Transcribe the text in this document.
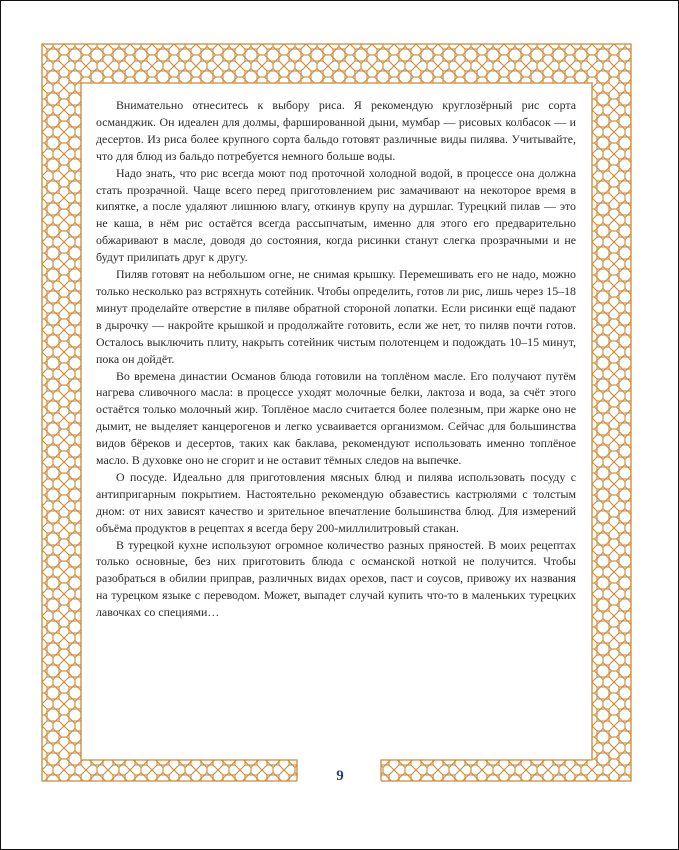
Внимательно отнеситесь к выбору риса. Я рекомендую круглозёрный рис сорта османджик. Он идеален для долмы, фаршированной дыни, мумбар — рисовых колбасок — и десертов. Из риса более крупного сорта бальдо готовят различные виды пилява. Учитывайте, что для блюд из бальдо потребуется немного больше воды.

Надо знать, что рис всегда моют под проточной холодной водой, в процессе она должна стать прозрачной. Чаще всего перед приготовлением рис замачивают на некоторое время в кипятке, а после удаляют лишнюю влагу, откинув крупу на дуршлаг. Турецкий пилав — это не каша, в нём рис остаётся всегда рассыпчатым, именно для этого его предварительно обжаривают в масле, доводя до состояния, когда рисинки станут слегка прозрачными и не будут прилипать друг к другу.

Пиляв готовят на небольшом огне, не снимая крышку. Перемешивать его не надо, можно только несколько раз встряхнуть сотейник. Чтобы определить, готов ли рис, лишь через 15–18 минут проделайте отверстие в пиляве обратной стороной лопатки. Если рисинки ещё падают в дырочку — накройте крышкой и продолжайте готовить, если же нет, то пиляв почти готов. Осталось выключить плиту, накрыть сотейник чистым полотенцем и подождать 10–15 минут, пока он дойдёт.

Во времена династии Османов блюда готовили на топлёном масле. Его получают путём нагрева сливочного масла: в процессе уходят молочные белки, лактоза и вода, за счёт этого остаётся только молочный жир. Топлёное масло считается более полезным, при жарке оно не дымит, не выделяет канцерогенов и легко усваивается организмом. Сейчас для большинства видов бёреков и десертов, таких как баклава, рекомендуют использовать именно топлёное масло. В духовке оно не сгорит и не оставит тёмных следов на выпечке.

О посуде. Идеально для приготовления мясных блюд и пилява использовать посуду с антипригарным покрытием. Настоятельно рекомендую обзавестись кастрюлями с толстым дном: от них зависят качество и зрительное впечатление большинства блюд. Для измерений объёма продуктов в рецептах я всегда беру 200-миллилитровый стакан.

В турецкой кухне используют огромное количество разных пряностей. В моих рецептах только основные, без них приготовить блюда с османской ноткой не получится. Чтобы разобраться в обилии приправ, различных видах орехов, паст и соусов, привожу их названия на турецком языке с переводом. Может, выпадет случай купить что-то в маленьких турецких лавочках со специями…

9
